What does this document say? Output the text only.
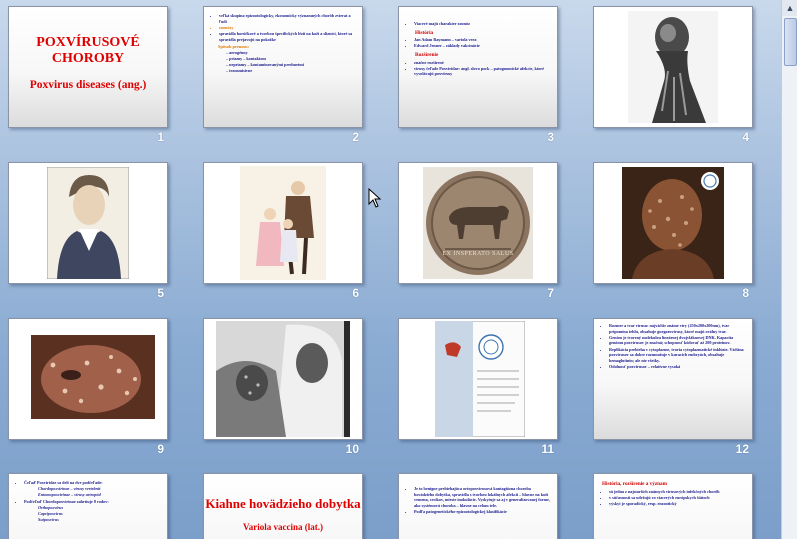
POXVÍRUSOVÉ CHOROBY
Poxvirus diseases (ang.)
1
• veľká skupina epizootologicky, ekonomicky významných chorôb zvierat a ľudí
• zoonózy
• spravidla horúčkové a tvorbou špecifických lézií na koži a sliznici, ktoré sa spravidla prejavujú na pokožke
Spôsob prenosu:
– aerogénny
– priamy – kontaktom
– nepriamy – kontaminovanými predmetmi
– transmisívne
2
• Viaceré majú charakter zoonóz
História
• Jan Adam Raymann – variola vera
• Edward Jenner – základy vakcinácie
Rozšírenie
• značne rozšírené
• virusy čeľade Poxviridae: angl. slovo pock – patognomické afekcie, ktoré vyvolávajú poxvírusy
3	4
5	6
EX INSPERATO SALUS
7	8
9	10	11
• Rozmer a tvar vírusu: najväčšie známe víry (250x200x200nm), tvar pripomína tehlu, obsahuje gurgarovírusy, ktoré majú oválny tvar.
• Genóm je tvorený molekulou lineárnej dvojvláknovej DNK. Kapacita genómu poxvírusov je značná; schopnosť kódovať až 200 proteínov.
• Replikácia prebieha v cytoplazme, tvoria cytoplazmatické inklúzie. Väčšina poxvírusov sa dobre rozmnožuje v kuracích embryách, obsahuje hemaglutinín; ale nie všetky.
• Odolnosť poxvírusov – relatívne vysoká
12
• Čeľaď Poxviridae sa delí na dve podčeľade:
Chordopoxvirinae – vírusy vertebrát
Entomopoxvirinae – vírusy artropód
• Podčeľaď Chordopoxvirinae zahrňuje 8 rodov:
Orthopoxvirus
Capripoxvirus
Suipoxvirus
Kiahne hovädzieho dobytka
Variola vaccina (lat.)
• Je to benígne prebiehajúca ortopoxvírusová kontagiózna choroba hovädzieho dobytka, spravidla s tvorbou lokálnych afekcií – hlavne na koži vemena, cecíkov, mieste inokulácie. Vyskytuje sa aj v generalizovanej forme, ako systémová choroba – hlavne na celom tele.
• Podľa patogenetického-epizootologickej klasifikácie
História, rozšírenie a význam
• sú jedna z najstarších známych vírusových infekčných chorôb
• v súčasnosti sa udržujú vo viacerých európskych štátoch
• výskyt je sporadický, resp. enzootický
▲
